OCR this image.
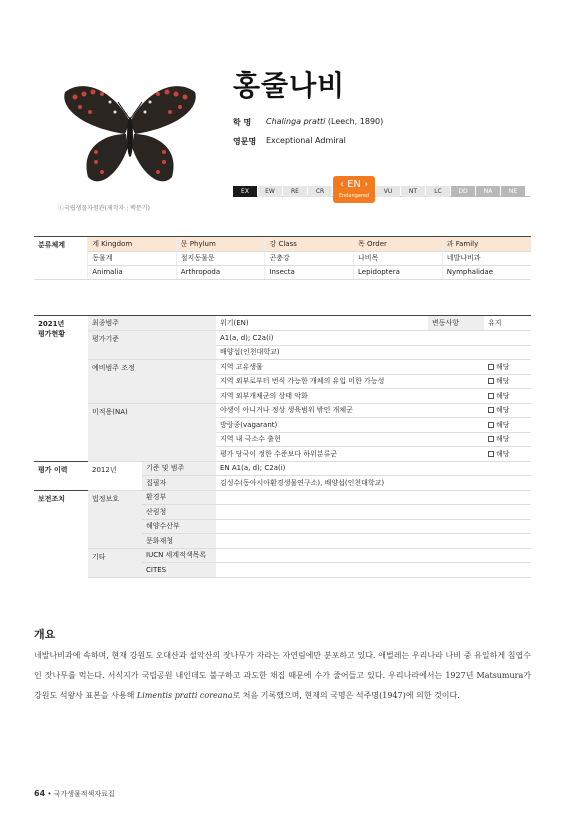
ⓒ국립생물자원관(제작자 : 백문기)
홍줄나비
학 명	Chalinga pratti (Leech, 1890)
영문명	Exceptional Admiral
EX	EW	RE	CR
‹ EN ›
Endangered
VU	NT	LC	DD	NA	NE
분류체계	계 Kingdom	문 Phylum	강 Class	목 Order	과 Family
	동물계	절지동물문	곤충강	나비목	네발나비과
	Animalia	Arthropoda	Insecta	Lepidoptera	Nymphalidae
2021년
평가현황	최종범주		위기(EN)	변동사항	유지
	평가기준		A1(a, d); C2a(i)		
			배양섭(인천대학교)		
	예비범주 조정		지역 고유생물		해당
			지역 외부로부터 번식 가능한 개체의 유입 미한 가능성		해당
			지역 외부개체군의 상태 악화		해당
	미적용(NA)		야생이 아니거나 정상 생육범위 밖인 개체군		해당
			방랑종(vagarant)		해당
			지역 내 극소수 출현		해당
			평가 당국이 정한 수준보다 하위분류군		해당
평가 이력	2012년	기준 및 범주	EN A1(a, d); C2a(i)		
		집필자	김성수(동아시아환경생물연구소), 배양섭(인천대학교)		
보전조치	법정보호	환경부			
		산림청			
		해양수산부			
		문화재청			
	기타	IUCN 세계적색목록			
		CITES			
개요
네발나비과에 속하며, 현재 강원도 오대산과 설악산의 잣나무가 자라는 자연림에만 분포하고 있다. 애벌레는 우리나라 나비 중 유일하게 침엽수인 잣나무를 먹는다. 서식지가 국립공원 내인데도 불구하고 과도한 채집 때문에 수가 줄어들고 있다. 우리나라에서는 1927년 Matsumura가 강원도 석왕사 표본을 사용해 Limentis pratti coreana로 처음 기록했으며, 현재의 국명은 석주명(1947)에 의한 것이다.
64 • 국가생물적색자료집
